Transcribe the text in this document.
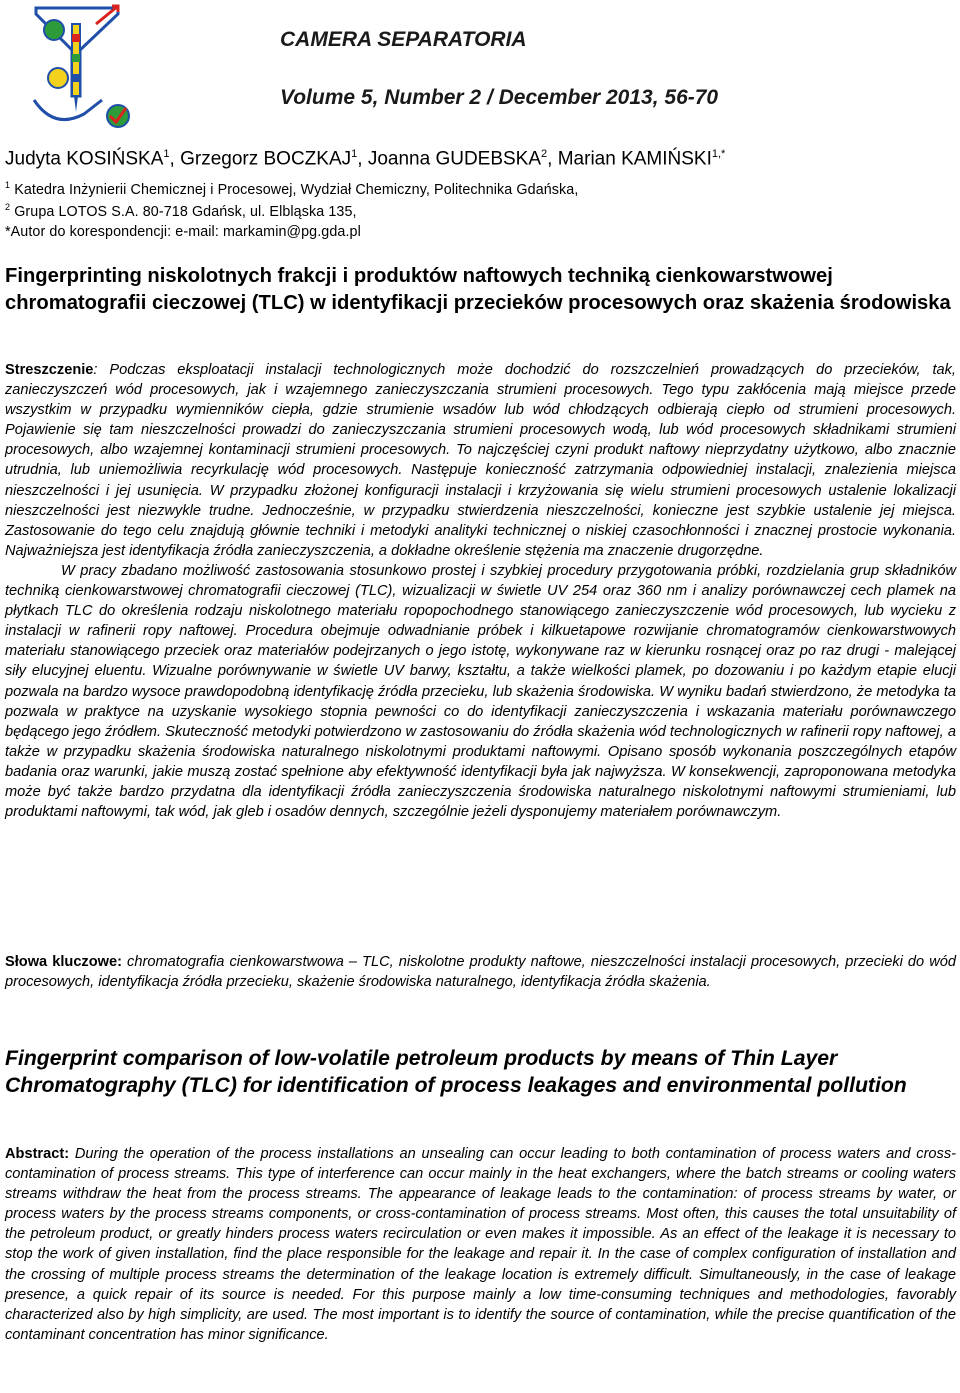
CAMERA SEPARATORIA
Volume 5, Number 2 / December 2013, 56-70
Judyta KOSIŃSKA$^1$, Grzegorz BOCZKAJ$^1$, Joanna GUDEBSKA$^2$, Marian $KAMIŃSKI^{1,*}$
$^1$ Katedra Inżynierii Chemicznej i Procesowej, Wydział Chemiczny, Politechnika Gdańska,
$^2$ Grupa LOTOS S.A. 80-718 Gdańsk, ul. Elbląska 135,
*Autor do korespondencji: e-mail: markamin@pg.gda.pl
Fingerprinting niskolotnych frakcji i produktów naftowych techniką cienkowarstwowej chromatografii cieczowej (TLC) w identyfikacji przecieków procesowych oraz skażenia środowiska

Streszczenie: Podczas eksploatacji instalacji technologicznych może dochodzić do rozszczelnień prowadzących do przecieków, tak, zanieczyszczeń wód procesowych, jak i wzajemnego zanieczyszczania strumieni procesowych. Tego typu zakłócenia mają miejsce przede wszystkim w przypadku wymienników ciepła, gdzie strumienie wsadów lub wód chłodzących odbierają ciepło od strumieni procesowych. Pojawienie się tam nieszczelności prowadzi do zanieczyszczania strumieni procesowych wodą, lub wód procesowych składnikami strumieni procesowych, albo wzajemnej kontaminacji strumieni procesowych. To najczęściej czyni produkt naftowy nieprzydatny użytkowo, albo znacznie utrudnia, lub uniemożliwia recyrkulację wód procesowych. Następuje konieczność zatrzymania odpowiedniej instalacji, znalezienia miejsca nieszczelności i jej usunięcia. W przypadku złożonej konfiguracji instalacji i krzyżowania się wielu strumieni procesowych ustalenie lokalizacji nieszczelności jest niezwykle trudne. Jednocześnie, w przypadku stwierdzenia nieszczelności, konieczne jest szybkie ustalenie jej miejsca. Zastosowanie do tego celu znajdują głównie techniki i metodyki analityki technicznej o niskiej czasochłonności i znacznej prostocie wykonania. Najważniejsza jest identyfikacja źródła zanieczyszczenia, a dokładne określenie stężenia ma znaczenie drugorzędne.

W pracy zbadano możliwość zastosowania stosunkowo prostej i szybkiej procedury przygotowania próbki, rozdzielania grup składników techniką cienkowarstwowej chromatografii cieczowej (TLC), wizualizacji w świetle UV 254 oraz 360 nm i analizy porównawczej cech plamek na płytkach TLC do określenia rodzaju niskolotnego materiału ropopochodnego stanowiącego zanieczyszczenie wód procesowych, lub wycieku z instalacji w rafinerii ropy naftowej. Procedura obejmuje odwadnianie próbek i kilkuetapowe rozwijanie chromatogramów cienkowarstwowych materiału stanowiącego przeciek oraz materiałów podejrzanych o jego istotę, wykonywane raz w kierunku rosnącej oraz po raz drugi - malejącej siły elucyjnej eluentu. Wizualne porównywanie w świetle UV barwy, kształtu, a także wielkości plamek, po dozowaniu i po każdym etapie elucji pozwala na bardzo wysoce prawdopodobną identyfikację źródła przecieku, lub skażenia środowiska. W wyniku badań stwierdzono, że metodyka ta pozwala w praktyce na uzyskanie wysokiego stopnia pewności co do identyfikacji zanieczyszczenia i wskazania materiału porównawczego będącego jego źródłem. Skuteczność metodyki potwierdzono w zastosowaniu do źródła skażenia wód technologicznych w rafinerii ropy naftowej, a także w przypadku skażenia środowiska naturalnego niskolotnymi produktami naftowymi. Opisano sposób wykonania poszczególnych etapów badania oraz warunki, jakie muszą zostać spełnione aby efektywność identyfikacji była jak najwyższa. W konsekwencji, zaproponowana metodyka może być także bardzo przydatna dla identyfikacji źródła zanieczyszczenia środowiska naturalnego niskolotnymi naftowymi strumieniami, lub produktami naftowymi, tak wód, jak gleb i osadów dennych, szczególnie jeżeli dysponujemy materiałem porównawczym.

Słowa kluczowe: chromatografia cienkowarstwowa – TLC, niskolotne produkty naftowe, nieszczelności instalacji procesowych, przecieki do wód procesowych, identyfikacja źródła przecieku, skażenie środowiska naturalnego, identyfikacja źródła skażenia.
Fingerprint comparison of low-volatile petroleum products by means of Thin Layer Chromatography (TLC) for identification of process leakages and environmental pollution
Abstract: During the operation of the process installations an unsealing can occur leading to both contamination of process waters and cross-contamination of process streams. This type of interference can occur mainly in the heat exchangers, where the batch streams or cooling waters streams withdraw the heat from the process streams. The appearance of leakage leads to the contamination: of process streams by water, or process waters by the process streams components, or cross-contamination of process streams. Most often, this causes the total unsuitability of the petroleum product, or greatly hinders process waters recirculation or even makes it impossible. As an effect of the leakage it is necessary to stop the work of given installation, find the place responsible for the leakage and repair it. In the case of complex configuration of installation and the crossing of multiple process streams the determination of the leakage location is extremely difficult. Simultaneously, in the case of leakage presence, a quick repair of its source is needed. For this purpose mainly a low time-consuming techniques and methodologies, favorably characterized also by high simplicity, are used. The most important is to identify the source of contamination, while the precise quantification of the contaminant concentration has minor significance.
